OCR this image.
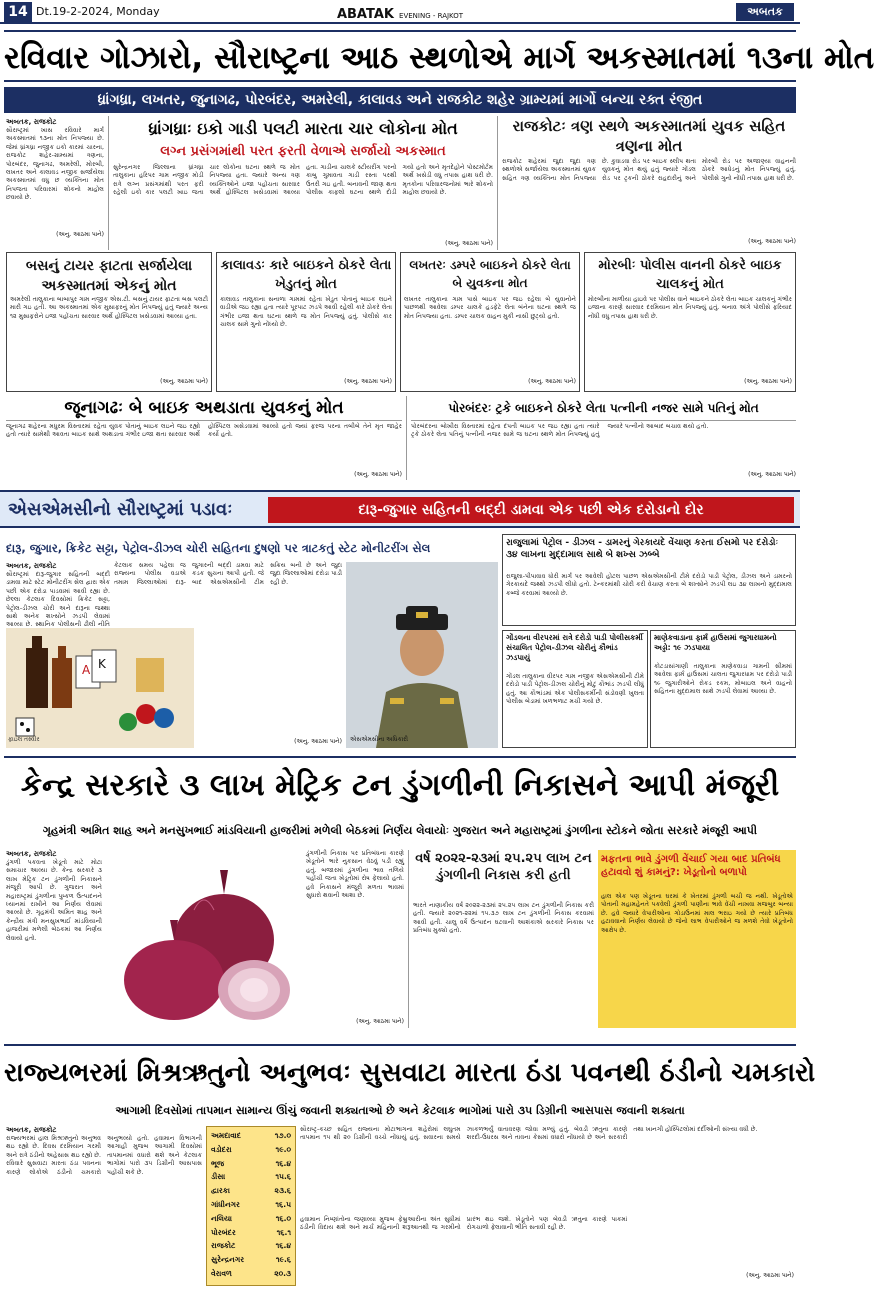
14 Dt.19-2-2024, Monday	ABATAK EVENING - RAJKOT	અબતક
રવિવાર ગોઝારો, સૌરાષ્ટ્રના આઠ સ્થળોએ માર્ગ અકસ્માતમાં ૧૩ના મોત
ધ્રાંગધ્રા, લખતર, જુનાગઢ, પોરબંદર, અમરેલી, કાલાવડ અને રાજકોટ શહેર ગ્રામ્યમાં માર્ગો બન્યા રક્ત રંજીત
અબતક, રાજકોટ
સૌરાષ્ટ્રમાં ખાસ રવિવારે માર્ગ અકસ્માતમાં ૧૩ના મોત નિપજ્યા છે. જેમાં ધ્રાંગધ્રા નજીક ઇકો કારમાં ચારના, રાજકોટ શહેર-ગ્રામ્યમાં ત્રણના, પોરબંદર, જુનાગઢ, અમરેલી, મોરબી, લખતર અને કાલાવડ નજીક સર્જાયેલા અકસ્માતમાં વધુ છ વ્યક્તિના મોત નિપજતા પરિવારમાં શોકનો માહોલ છવાયો છે.
(અનુ. આઠમા પાને)
ધ્રાંગધ્રાઃ ઇકો ગાડી પલટી મારતા ચાર લોકોના મોત
લગ્ન પ્રસંગમાંથી પરત ફરતી વેળાએ સર્જાયો અકસ્માત
સુરેન્દ્રનગર જિલ્લાના ધ્રાંગધ્રા તાલુકાના હરિપર ગામ નજીક મોડી રાત્રે લગ્ન પ્રસંગમાંથી પરત ફરી રહેલી ઇકો કાર પલટી ખાઇ જતા ચાર લોકોના ઘટના સ્થળે જ મોત નિપજ્યા હતા. જ્યારે અન્ય ત્રણ વ્યક્તિઓને ઇજા પહોંચતા સારવાર અર્થે હોસ્પિટલ ખસેડવામાં આવ્યા હતા. ગાડીના ચાલકે સ્ટીયરીંગ પરનો કાબુ ગુમાવતા ગાડી રસ્તા પરથી ઉતરી ગઇ હતી. બનાવની જાણ થતા પોલીસ કાફલો ઘટના સ્થળે દોડી ગયો હતો અને મૃતદેહોને પોસ્ટમોર્ટમ અર્થે ખસેડી વધુ તપાસ હાથ ધરી છે. મૃતકોના પરિવારજનોમાં ભારે શોકનો માહોલ છવાયો છે.
(અનુ. આઠમા પાને)
રાજકોટઃ ત્રણ સ્થળે અકસ્માતમાં યુવક સહિત ત્રણના મોત
રાજકોટ શહેરમાં જુદા જુદા ત્રણ સ્થળોએ સર્જાયેલા અકસ્માતમાં યુવક સહિત ત્રણ વ્યક્તિના મોત નિપજ્યા છે. કુવાડવા રોડ પર બાઇક સ્લીપ થતા યુવકનું મોત થયું હતું જ્યારે ગોંડલ રોડ પર ટ્રકની ઠોકરે રાહદારીનું અને મોરબી રોડ પર અજાણ્યા વાહનની ઠોકરે આધેડનું મોત નિપજ્યું હતું. પોલીસે ગુનો નોંધી તપાસ હાથ ધરી છે.
(અનુ. આઠમા પાને)
બસનું ટાયર ફાટતા સર્જાયેલા અકસ્માતમાં એકનું મોત
અમરેલી તાલુકાના બાબાપુર ગામ નજીક એસ.ટી. બસનું ટાયર ફાટતા બસ પલટી મારી ગઇ હતી. આ અકસ્માતમાં એક મુસાફરનું મોત નિપજ્યું હતું જ્યારે અન્ય ૧૨ મુસાફરોને ઇજા પહોંચતા સારવાર અર્થે હોસ્પિટલ ખસેડવામાં આવ્યા હતા.
(અનુ. આઠમા પાને)
કાલાવડઃ કારે બાઇકને ઠોકરે લેતા ખેડુતનું મોત
કાલાવડ તાલુકાના સનાળા ગામમાં રહેતા ખેડુત પોતાનું બાઇક લઇને વાડીએ જઇ રહ્યા હતા ત્યારે પૂરપાટ ઝડપે આવી રહેલી કારે ઠોકરે લેતા ગંભીર ઇજા થતા ઘટના સ્થળે જ મોત નિપજ્યું હતું. પોલીસે કાર ચાલક સામે ગુનો નોંધ્યો છે.
(અનુ. આઠમા પાને)
લખતરઃ ડમ્પરે બાઇકને ઠોકરે લેતા બે યુવકના મોત
લખતર તાલુકાના ગામ પાસે બાઇક પર જઇ રહેલા બે યુવાનોને પાછળથી આવેલા ડમ્પર ચાલકે હડફેટે લેતા બંનેના ઘટના સ્થળે જ મોત નિપજ્યા હતા. ડમ્પર ચાલક વાહન મુકી નાસી છુટ્યો હતો.
(અનુ. આઠમા પાને)
મોરબીઃ પોલીસ વાનની ઠોકરે બાઇક ચાલકનું મોત
મોરબીના માળીયા હાઇવે પર પોલીસ વાને બાઇકને ઠોકરે લેતા બાઇક ચાલકનું ગંભીર ઇજાના કારણે સારવાર દરમિયાન મોત નિપજ્યું હતું. બનાવ અંગે પોલીસે ફરિયાદ નોંધી વધુ તપાસ હાથ ધરી છે.
(અનુ. આઠમા પાને)
જૂનાગઢઃ બે બાઇક અથડાતા યુવકનું મોત
જૂનાગઢ શહેરના મધુરમ વિસ્તારમાં રહેતા યુવક પોતાનું બાઇક લઇને જઇ રહ્યો હતો ત્યારે સામેથી આવતા બાઇક સાથે અથડાતા ગંભીર ઇજા થતા સારવાર અર્થે હોસ્પિટલ ખસેડવામાં આવ્યો હતો જ્યાં ફરજ પરના તબીબે તેને મૃત જાહેર કર્યો હતો.
(અનુ. આઠમા પાને)
પોરબંદરઃ ટ્રકે બાઇકને ઠોકરે લેતા પત્નીની નજર સામે પતિનું મોત
પોરબંદરના બોખીરા વિસ્તારમાં રહેતા દંપતી બાઇક પર જઇ રહ્યા હતા ત્યારે ટ્રકે ઠોકરે લેતા પતિનું પત્નીની નજર સામે જ ઘટના સ્થળે મોત નિપજ્યું હતું જ્યારે પત્નીનો આબાદ બચાવ થયો હતો.
(અનુ. આઠમા પાને)
એસએમસીનો સૌરાષ્ટ્રમાં પડાવઃ	દારૂ-જુગાર સહિતની બદ્દી ડામવા એક પછી એક દરોડાનો દોર
દારૂ, જુગાર, ક્રિકેટ સટ્ટા, પેટ્રોલ-ડીઝલ ચોરી સહિતના દુષણો પર ત્રાટકતું સ્ટેટ મોનીટરીંગ સેલ
અબતક, રાજકોટ
સૌરાષ્ટ્રમાં દારૂ-જુગાર સહિતની બદ્દી ડામવા માટે સ્ટેટ મોનીટરીંગ સેલ દ્વારા એક પછી એક દરોડા પાડવામાં આવી રહ્યા છે. છેલ્લા કેટલાક દિવસોમાં ક્રિકેટ સટ્ટા, પેટ્રોલ-ડીઝલ ચોરી અને દારૂના જથ્થા સાથે અનેક શખ્સોને ઝડપી લેવામાં આવ્યા છે. સ્થાનિક પોલીસની ઢીલી નીતિ
A K
ફાઇલ તસ્વીર
કેટલાક સમય પહેલા જ રાજ્યના પોલીસ વડાએ તમામ જિલ્લાઓમાં દારૂ-જુગારની બદ્દી ડામવા માટે કડક સુચના આપી હતી. જે બાદ એસએમસીની ટીમ સક્રિય બની છે અને જુદા જુદા જિલ્લાઓમાં દરોડા પાડી રહી છે.
(અનુ. આઠમા પાને) એસએમસીના અધિકારી
રાજુલામાં પેટ્રોલ - ડીઝલ - ડામરનું ગેરકાયદે વેંચાણ કરતા ઈસમો પર દરોડોઃ ૩૪ લાખના મુદ્દામાલ સાથે બે શખ્સ ઝબ્બે
રાજુલા-પીપાવાવ ધોરી માર્ગ પર આવેલી હોટલ પાછળ એસએમસીની ટીમે દરોડો પાડી પેટ્રોલ, ડીઝલ અને ડામરનો ગેરકાયદે જથ્થો ઝડપી લીધો હતો. ટેન્કરમાંથી ચોરી કરી વેચાણ કરતા બે શખ્સોને ઝડપી લઇ ૩૪ લાખનો મુદ્દામાલ કબ્જે કરવામાં આવ્યો છે.
ગોંડલના વીરપરમાં રાત્રે દરોડો પાડી પોલીસકર્મી સંચાલિત પેટ્રોલ-ડીઝલ ચોરીનું કૌભાંડ ઝડપાયું
ગોંડલ તાલુકાના વીરપર ગામ નજીક એસએમસીની ટીમે દરોડો પાડી પેટ્રોલ-ડીઝલ ચોરીનું મોટું કૌભાંડ ઝડપી લીધું હતું. આ કૌભાંડમાં એક પોલીસકર્મીની સંડોવણી ખુલતા પોલીસ બેડામાં ખળભળાટ મચી ગયો છે.
માણેકવાડાના ફાર્મ હાઉસમાં જુગારધામનો અડ્ડો: ૧૯ ઝડપાયા
કોટડાસાંગાણી તાલુકાના માણેકવાડા ગામની સીમમાં આવેલા ફાર્મ હાઉસમાં ચાલતા જુગારધામ પર દરોડો પાડી ૧૯ જુગારીઓને રોકડ રકમ, મોબાઇલ અને વાહનો સહિતના મુદ્દામાલ સાથે ઝડપી લેવામાં આવ્યા છે.
કેન્દ્ર સરકારે ૩ લાખ મેટ્રિક ટન ડુંગળીની નિકાસને આપી મંજૂરી
ગૃહમંત્રી અમિત શાહ અને મનસુખભાઈ માંડવિયાની હાજરીમાં મળેલી બેઠકમાં નિર્ણય લેવાયોઃ ગુજરાત અને મહારાષ્ટ્રમાં ડુંગળીના સ્ટોકને જોતા સરકારે મંજૂરી આપી
અબતક, રાજકોટ
ડુંગળી પકવતા ખેડૂતો માટે મોટા સમાચાર આવ્યા છે. કેન્દ્ર સરકારે ૩ લાખ મેટ્રિક ટન ડુંગળીની નિકાસને મંજૂરી આપી છે. ગુજરાત અને મહારાષ્ટ્રમાં ડુંગળીના પુષ્કળ ઉત્પાદનને ધ્યાનમાં રાખીને આ નિર્ણય લેવામાં આવ્યો છે. ગૃહમંત્રી અમિત શાહ અને કેન્દ્રીય મંત્રી મનસુખભાઈ માંડવિયાની હાજરીમાં મળેલી બેઠકમાં આ નિર્ણય લેવાયો હતો.
ડુંગળીની નિકાસ પર પ્રતિબંધના કારણે ખેડૂતોને ભારે નુકસાન વેઠવું પડી રહ્યું હતું. બજારમાં ડુંગળીના ભાવ તળિયે પહોંચી જતા ખેડૂતોમાં રોષ ફેલાયો હતો. હવે નિકાસને મંજૂરી મળતા ભાવમાં સુધારો થવાની આશા છે.
(અનુ. આઠમા પાને)
વર્ષ ૨૦૨૨-૨૩માં ૨૫.૨૫ લાખ ટન ડુંગળીની નિકાસ કરી હતી
ભારતે નાણાકીય વર્ષ ૨૦૨૨-૨૩માં ૨૫.૨૫ લાખ ટન ડુંગળીની નિકાસ કરી હતી. જ્યારે ૨૦૨૧-૨૨માં ૧૫.૩૭ લાખ ટન ડુંગળીની નિકાસ કરવામાં આવી હતી. ચાલુ વર્ષે ઉત્પાદન ઘટવાની આશંકાએ સરકારે નિકાસ પર પ્રતિબંધ મુક્યો હતો.
મફતના ભાવે ડુંગળી વેંચાઈ ગયા બાદ પ્રતિબંધ હટાવવો શું કામનું?: ખેડૂતોનો બળાપો
હાલ એક પણ ખેડૂતના ઘરમાં કે ખેતરમાં ડુંગળી બચી જ નથી. ખેડૂતોએ પોતાની મહામહેનતે પકવેલી ડુંગળી પાણીના ભાવે વેંચી નાખવા મજબુર બન્યા છે. હવે જ્યારે વેપારીઓના ગોડાઉનમાં માલ ભરાઇ ગયો છે ત્યારે પ્રતિબંધ હટાવવાનો નિર્ણય લેવાયો છે જેનો લાભ વેપારીઓને જ મળશે તેવો ખેડૂતોનો આક્ષેપ છે.
રાજ્યભરમાં મિશ્રઋતુનો અનુભવઃ સુસવાટા મારતા ઠંડા પવનથી ઠંડીનો ચમકારો
આગામી દિવસોમાં તાપમાન સામાન્ય ઊંચું જવાની શક્યતાઓ છે અને કેટલાક ભાગોમાં પારો ૩૫ ડિગ્રીની આસપાસ જવાની શક્યતા
અબતક, રાજકોટ
રાજ્યભરમાં હાલ મિશ્રઋતુનો અનુભવ થઇ રહ્યો છે. દિવસ દરમિયાન ગરમી અને રાત્રે ઠંડીનો અહેસાસ થઇ રહ્યો છે. રવિવારે સુસવાટા મારતા ઠંડા પવનના કારણે લોકોએ ઠંડીનો ચમકારો અનુભવ્યો હતો. હવામાન વિભાગની આગાહી મુજબ આગામી દિવસોમાં તાપમાનમાં વધારો થશે અને કેટલાક ભાગોમાં પારો ૩૫ ડિગ્રીની આસપાસ પહોંચી શકે છે.
અમદાવાદ	૧૭.૦
વડોદરા	૧૯.૦
ભૂજ	૧૬.૪
ડીસા	૧૫.૬
દ્વારકા	૨૩.૬
ગાંધીનગર	૧૬.૫
નલિયા	૧૬.૦
પોરબંદર	૧૬.૧
રાજકોટ	૧૬.૪
સુરેન્દ્રનગર	૧૯.૬
વેરાવળ	૨૦.૩
સૌરાષ્ટ્ર-કચ્છ સહિત રાજ્યના મોટાભાગના શહેરોમાં લઘુતમ તાપમાન ૧૫ થી ૨૦ ડિગ્રીની વચ્ચે નોંધાયું હતું. સવારના સમયે ઝાકળભર્યું વાતાવરણ જોવા મળ્યું હતું. બેવડી ઋતુના કારણે શરદી-ઉધરસ અને તાવના કેસમાં વધારો નોંધાયો છે અને સરકારી તથા ખાનગી હોસ્પિટલોમાં દર્દીઓની સંખ્યા વધી છે.
હવામાન નિષ્ણાંતોના જણાવ્યા મુજબ ફેબ્રુઆરીના અંત સુધીમાં ઠંડીની વિદાય થશે અને માર્ચ મહિનાની શરૂઆતથી જ ગરમીનો પ્રારંભ થઇ જશે. ખેડૂતોને પણ બેવડી ઋતુના કારણે પાકમાં રોગચાળો ફેલાવાની ભીતિ સતાવી રહી છે.
(અનુ. આઠમા પાને)
